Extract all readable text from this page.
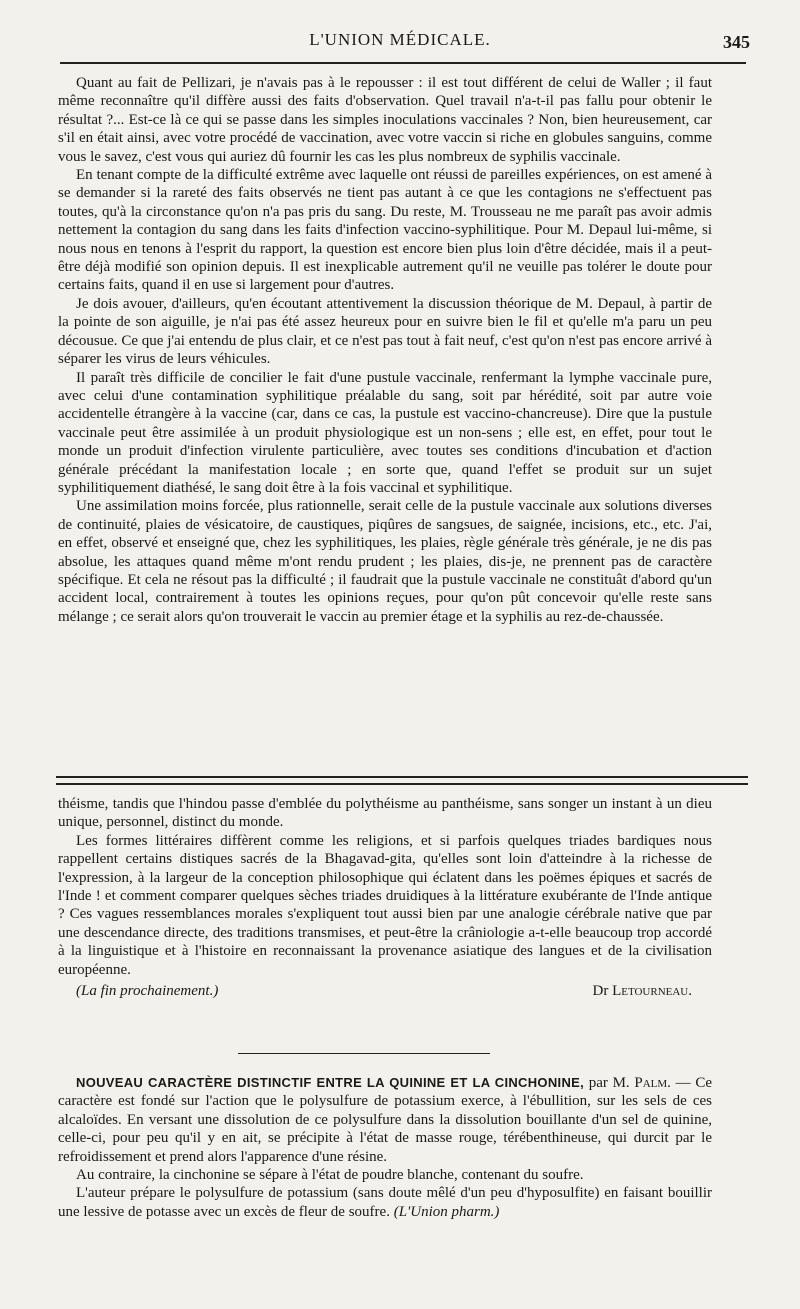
L'UNION MÉDICALE.	345

Quant au fait de Pellizari, je n'avais pas à le repousser : il est tout différent de celui de Waller ; il faut même reconnaître qu'il diffère aussi des faits d'observation. Quel travail n'a-t-il pas fallu pour obtenir le résultat ?... Est-ce là ce qui se passe dans les simples inoculations vaccinales ? Non, bien heureusement, car s'il en était ainsi, avec votre procédé de vaccination, avec votre vaccin si riche en globules sanguins, comme vous le savez, c'est vous qui auriez dû fournir les cas les plus nombreux de syphilis vaccinale.

En tenant compte de la difficulté extrême avec laquelle ont réussi de pareilles expériences, on est amené à se demander si la rareté des faits observés ne tient pas autant à ce que les contagions ne s'effectuent pas toutes, qu'à la circonstance qu'on n'a pas pris du sang. Du reste, M. Trousseau ne me paraît pas avoir admis nettement la contagion du sang dans les faits d'infection vaccino-syphilitique. Pour M. Depaul lui-même, si nous nous en tenons à l'esprit du rapport, la question est encore bien plus loin d'être décidée, mais il a peut-être déjà modifié son opinion depuis. Il est inexplicable autrement qu'il ne veuille pas tolérer le doute pour certains faits, quand il en use si largement pour d'autres.

Je dois avouer, d'ailleurs, qu'en écoutant attentivement la discussion théorique de M. Depaul, à partir de la pointe de son aiguille, je n'ai pas été assez heureux pour en suivre bien le fil et qu'elle m'a paru un peu décousue. Ce que j'ai entendu de plus clair, et ce n'est pas tout à fait neuf, c'est qu'on n'est pas encore arrivé à séparer les virus de leurs véhicules.

Il paraît très difficile de concilier le fait d'une pustule vaccinale, renfermant la lymphe vaccinale pure, avec celui d'une contamination syphilitique préalable du sang, soit par hérédité, soit par autre voie accidentelle étrangère à la vaccine (car, dans ce cas, la pustule est vaccino-chancreuse). Dire que la pustule vaccinale peut être assimilée à un produit physiologique est un non-sens ; elle est, en effet, pour tout le monde un produit d'infection virulente particulière, avec toutes ses conditions d'incubation et d'action générale précédant la manifestation locale ; en sorte que, quand l'effet se produit sur un sujet syphilitiquement diathésé, le sang doit être à la fois vaccinal et syphilitique.

Une assimilation moins forcée, plus rationnelle, serait celle de la pustule vaccinale aux solutions diverses de continuité, plaies de vésicatoire, de caustiques, piqûres de sangsues, de saignée, incisions, etc., etc. J'ai, en effet, observé et enseigné que, chez les syphilitiques, les plaies, règle générale très générale, je ne dis pas absolue, les attaques quand même m'ont rendu prudent ; les plaies, dis-je, ne prennent pas de caractère spécifique. Et cela ne résout pas la difficulté ; il faudrait que la pustule vaccinale ne constituât d'abord qu'un accident local, contrairement à toutes les opinions reçues, pour qu'on pût concevoir qu'elle reste sans mélange ; ce serait alors qu'on trouverait le vaccin au premier étage et la syphilis au rez-de-chaussée.

théisme, tandis que l'hindou passe d'emblée du polythéisme au panthéisme, sans songer un instant à un dieu unique, personnel, distinct du monde.

Les formes littéraires diffèrent comme les religions, et si parfois quelques triades bardiques nous rappellent certains distiques sacrés de la Bhagavad-gita, qu'elles sont loin d'atteindre à la richesse de l'expression, à la largeur de la conception philosophique qui éclatent dans les poëmes épiques et sacrés de l'Inde ! et comment comparer quelques sèches triades druidiques à la littérature exubérante de l'Inde antique ? Ces vagues ressemblances morales s'expliquent tout aussi bien par une analogie cérébrale native que par une descendance directe, des traditions transmises, et peut-être la crâniologie a-t-elle beaucoup trop accordé à la linguistique et à l'histoire en reconnaissant la provenance asiatique des langues et de la civilisation européenne.

(La fin prochainement.)	Dr Letourneau.

NOUVEAU CARACTÈRE DISTINCTIF ENTRE LA QUININE ET LA CINCHONINE, par M. Palm. — Ce caractère est fondé sur l'action que le polysulfure de potassium exerce, à l'ébullition, sur les sels de ces alcaloïdes. En versant une dissolution de ce polysulfure dans la dissolution bouillante d'un sel de quinine, celle-ci, pour peu qu'il y en ait, se précipite à l'état de masse rouge, térébenthineuse, qui durcit par le refroidissement et prend alors l'apparence d'une résine.

Au contraire, la cinchonine se sépare à l'état de poudre blanche, contenant du soufre.

L'auteur prépare le polysulfure de potassium (sans doute mêlé d'un peu d'hyposulfite) en faisant bouillir une lessive de potasse avec un excès de fleur de soufre. (L'Union pharm.)
